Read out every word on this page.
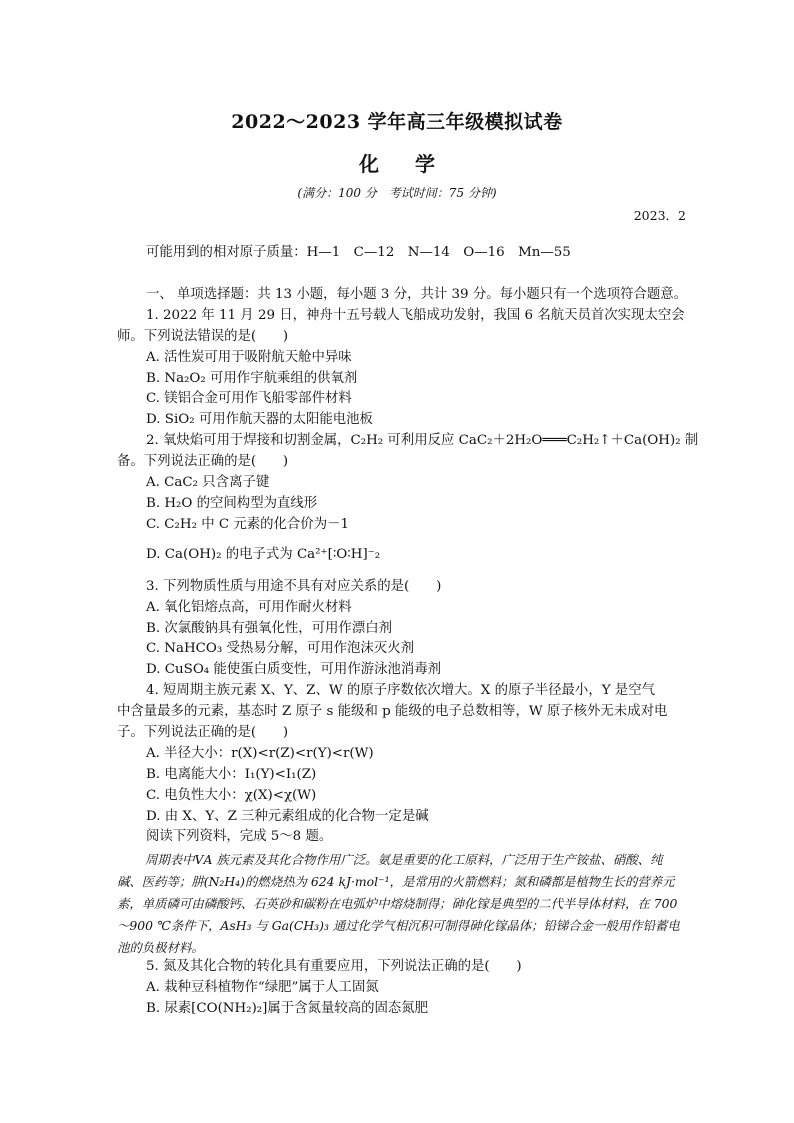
2022～2023 学年高三年级模拟试卷
化学
(满分：100 分　考试时间：75 分钟)
2023．2
可能用到的相对原子质量：H—1　C—12　N—14　O—16　Mn—55
一、 单项选择题：共 13 小题，每小题 3 分，共计 39 分。每小题只有一个选项符合题意。
1. 2022 年 11 月 29 日，神舟十五号载人飞船成功发射，我国 6 名航天员首次实现太空会
师。下列说法错误的是(　　)
A. 活性炭可用于吸附航天舱中异味
B. Na₂O₂ 可用作宇航乘组的供氧剂
C. 镁铝合金可用作飞船零部件材料
D. SiO₂ 可用作航天器的太阳能电池板
2. 氧炔焰可用于焊接和切割金属，C₂H₂ 可利用反应 CaC₂＋2H₂O═══C₂H₂↑＋Ca(OH)₂ 制
备。下列说法正确的是(　　)
A. CaC₂ 只含离子键
B. H₂O 的空间构型为直线形
C. C₂H₂ 中 C 元素的化合价为－1
D. Ca(OH)₂ 的电子式为 Ca²⁺[∶O∶H]⁻₂
3. 下列物质性质与用途不具有对应关系的是(　　)
A. 氧化铝熔点高，可用作耐火材料
B. 次氯酸钠具有强氧化性，可用作漂白剂
C. NaHCO₃ 受热易分解，可用作泡沫灭火剂
D. CuSO₄ 能使蛋白质变性，可用作游泳池消毒剂
4. 短周期主族元素 X、Y、Z、W 的原子序数依次增大。X 的原子半径最小，Y 是空气
中含量最多的元素，基态时 Z 原子 s 能级和 p 能级的电子总数相等，W 原子核外无未成对电
子。下列说法正确的是(　　)
A. 半径大小：r(X)<r(Z)<r(Y)<r(W)
B. 电离能大小：I₁(Y)<I₁(Z)
C. 电负性大小：χ(X)<χ(W)
D. 由 X、Y、Z 三种元素组成的化合物一定是碱
阅读下列资料，完成 5～8 题。

周期表中ⅤA 族元素及其化合物作用广泛。氨是重要的化工原料，广泛用于生产铵盐、硝酸、纯碱、医药等；肼(N₂H₄)的燃烧热为 624 kJ·mol⁻¹，是常用的火箭燃料；氮和磷都是植物生长的营养元素，单质磷可由磷酸钙、石英砂和碳粉在电弧炉中熔烧制得；砷化镓是典型的二代半导体材料，在 700～900 ℃条件下，AsH₃ 与 Ga(CH₃)₃ 通过化学气相沉积可制得砷化镓晶体；铅锑合金一般用作铅蓄电池的负极材料。

5. 氮及其化合物的转化具有重要应用，下列说法正确的是(　　)
A. 栽种豆科植物作“绿肥”属于人工固氮
B. 尿素[CO(NH₂)₂]属于含氮量较高的固态氮肥
